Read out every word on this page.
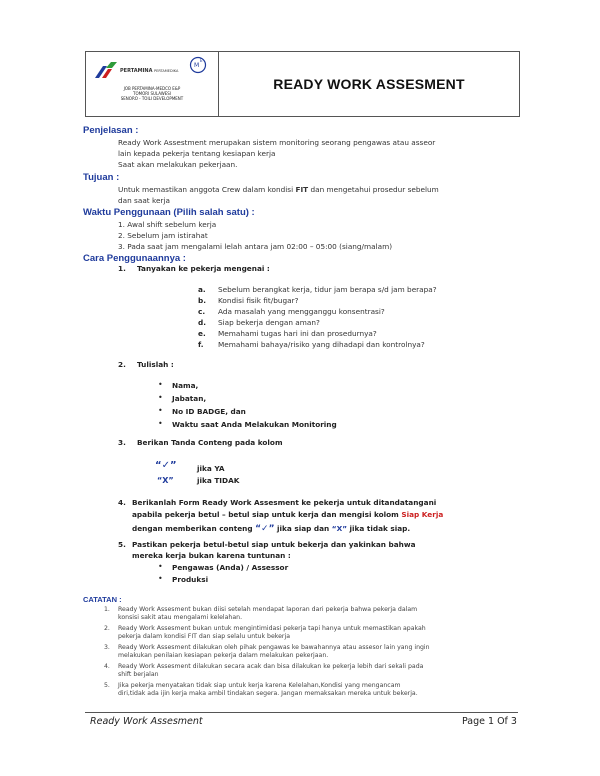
PERTAMINA PERTAMEDIKA
M
E
JOB PERTAMINA-MEDCO E&P
TOMORI SULAWESI
SENORO - TOILI DEVELOPMENT
READY WORK ASSESMENT
Penjelasan :
Ready Work Assestment merupakan sistem monitoring seorang pengawas atau asseor
lain kepada pekerja tentang kesiapan kerja
Saat akan melakukan pekerjaan.
Tujuan :
Untuk memastikan anggota Crew dalam kondisi FIT dan mengetahui prosedur sebelum
dan saat kerja
Waktu Penggunaan (Pilih salah satu) :
1. Awal shift sebelum kerja
2. Sebelum jam istirahat
3. Pada saat jam mengalami lelah antara jam 02:00 – 05:00 (siang/malam)
Cara Penggunaannya :
1. Tanyakan ke pekerja mengenai :
a. Sebelum berangkat kerja, tidur jam berapa s/d jam berapa?
b. Kondisi fisik fit/bugar?
c. Ada masalah yang mengganggu konsentrasi?
d. Siap bekerja dengan aman?
e. Memahami tugas hari ini dan prosedurnya?
f. Memahami bahaya/risiko yang dihadapi dan kontrolnya?
2. Tulislah :
• Nama,
• Jabatan,
• No ID BADGE, dan
• Waktu saat Anda Melakukan Monitoring
3. Berikan Tanda Conteng pada kolom
“✓”	jika YA
“X”	jika TIDAK
4. Berikanlah Form Ready Work Assesment ke pekerja untuk ditandatangani
apabila pekerja betul – betul siap untuk kerja dan mengisi kolom Siap Kerja
dengan memberikan conteng “✓” jika siap dan “X” jika tidak siap.
5. Pastikan pekerja betul-betul siap untuk bekerja dan yakinkan bahwa
mereka kerja bukan karena tuntunan :
• Pengawas (Anda) / Assessor
• Produksi
CATATAN :
1. Ready Work Assesment bukan diisi setelah mendapat laporan dari pekerja bahwa pekerja dalam
konsisi sakit atau mengalami kelelahan.
2. Ready Work Assesment bukan untuk mengintimidasi pekerja tapi hanya untuk memastikan apakah
pekerja dalam kondisi FIT dan siap selalu untuk bekerja
3. Ready Work Assesment dilakukan oleh pihak pengawas ke bawahannya atau assesor lain yang ingin
melakukan penilaian kesiapan pekerja dalam melakukan pekerjaan.
4. Ready Work Assesment dilakukan secara acak dan bisa dilakukan ke pekerja lebih dari sekali pada
shift berjalan
5. Jika pekerja menyatakan tidak siap untuk kerja karena Kelelahan,Kondisi yang mengancam
diri,tidak ada ijin kerja maka ambil tindakan segera. Jangan memaksakan mereka untuk bekerja.
Ready Work Assesment	Page 1 Of 3
